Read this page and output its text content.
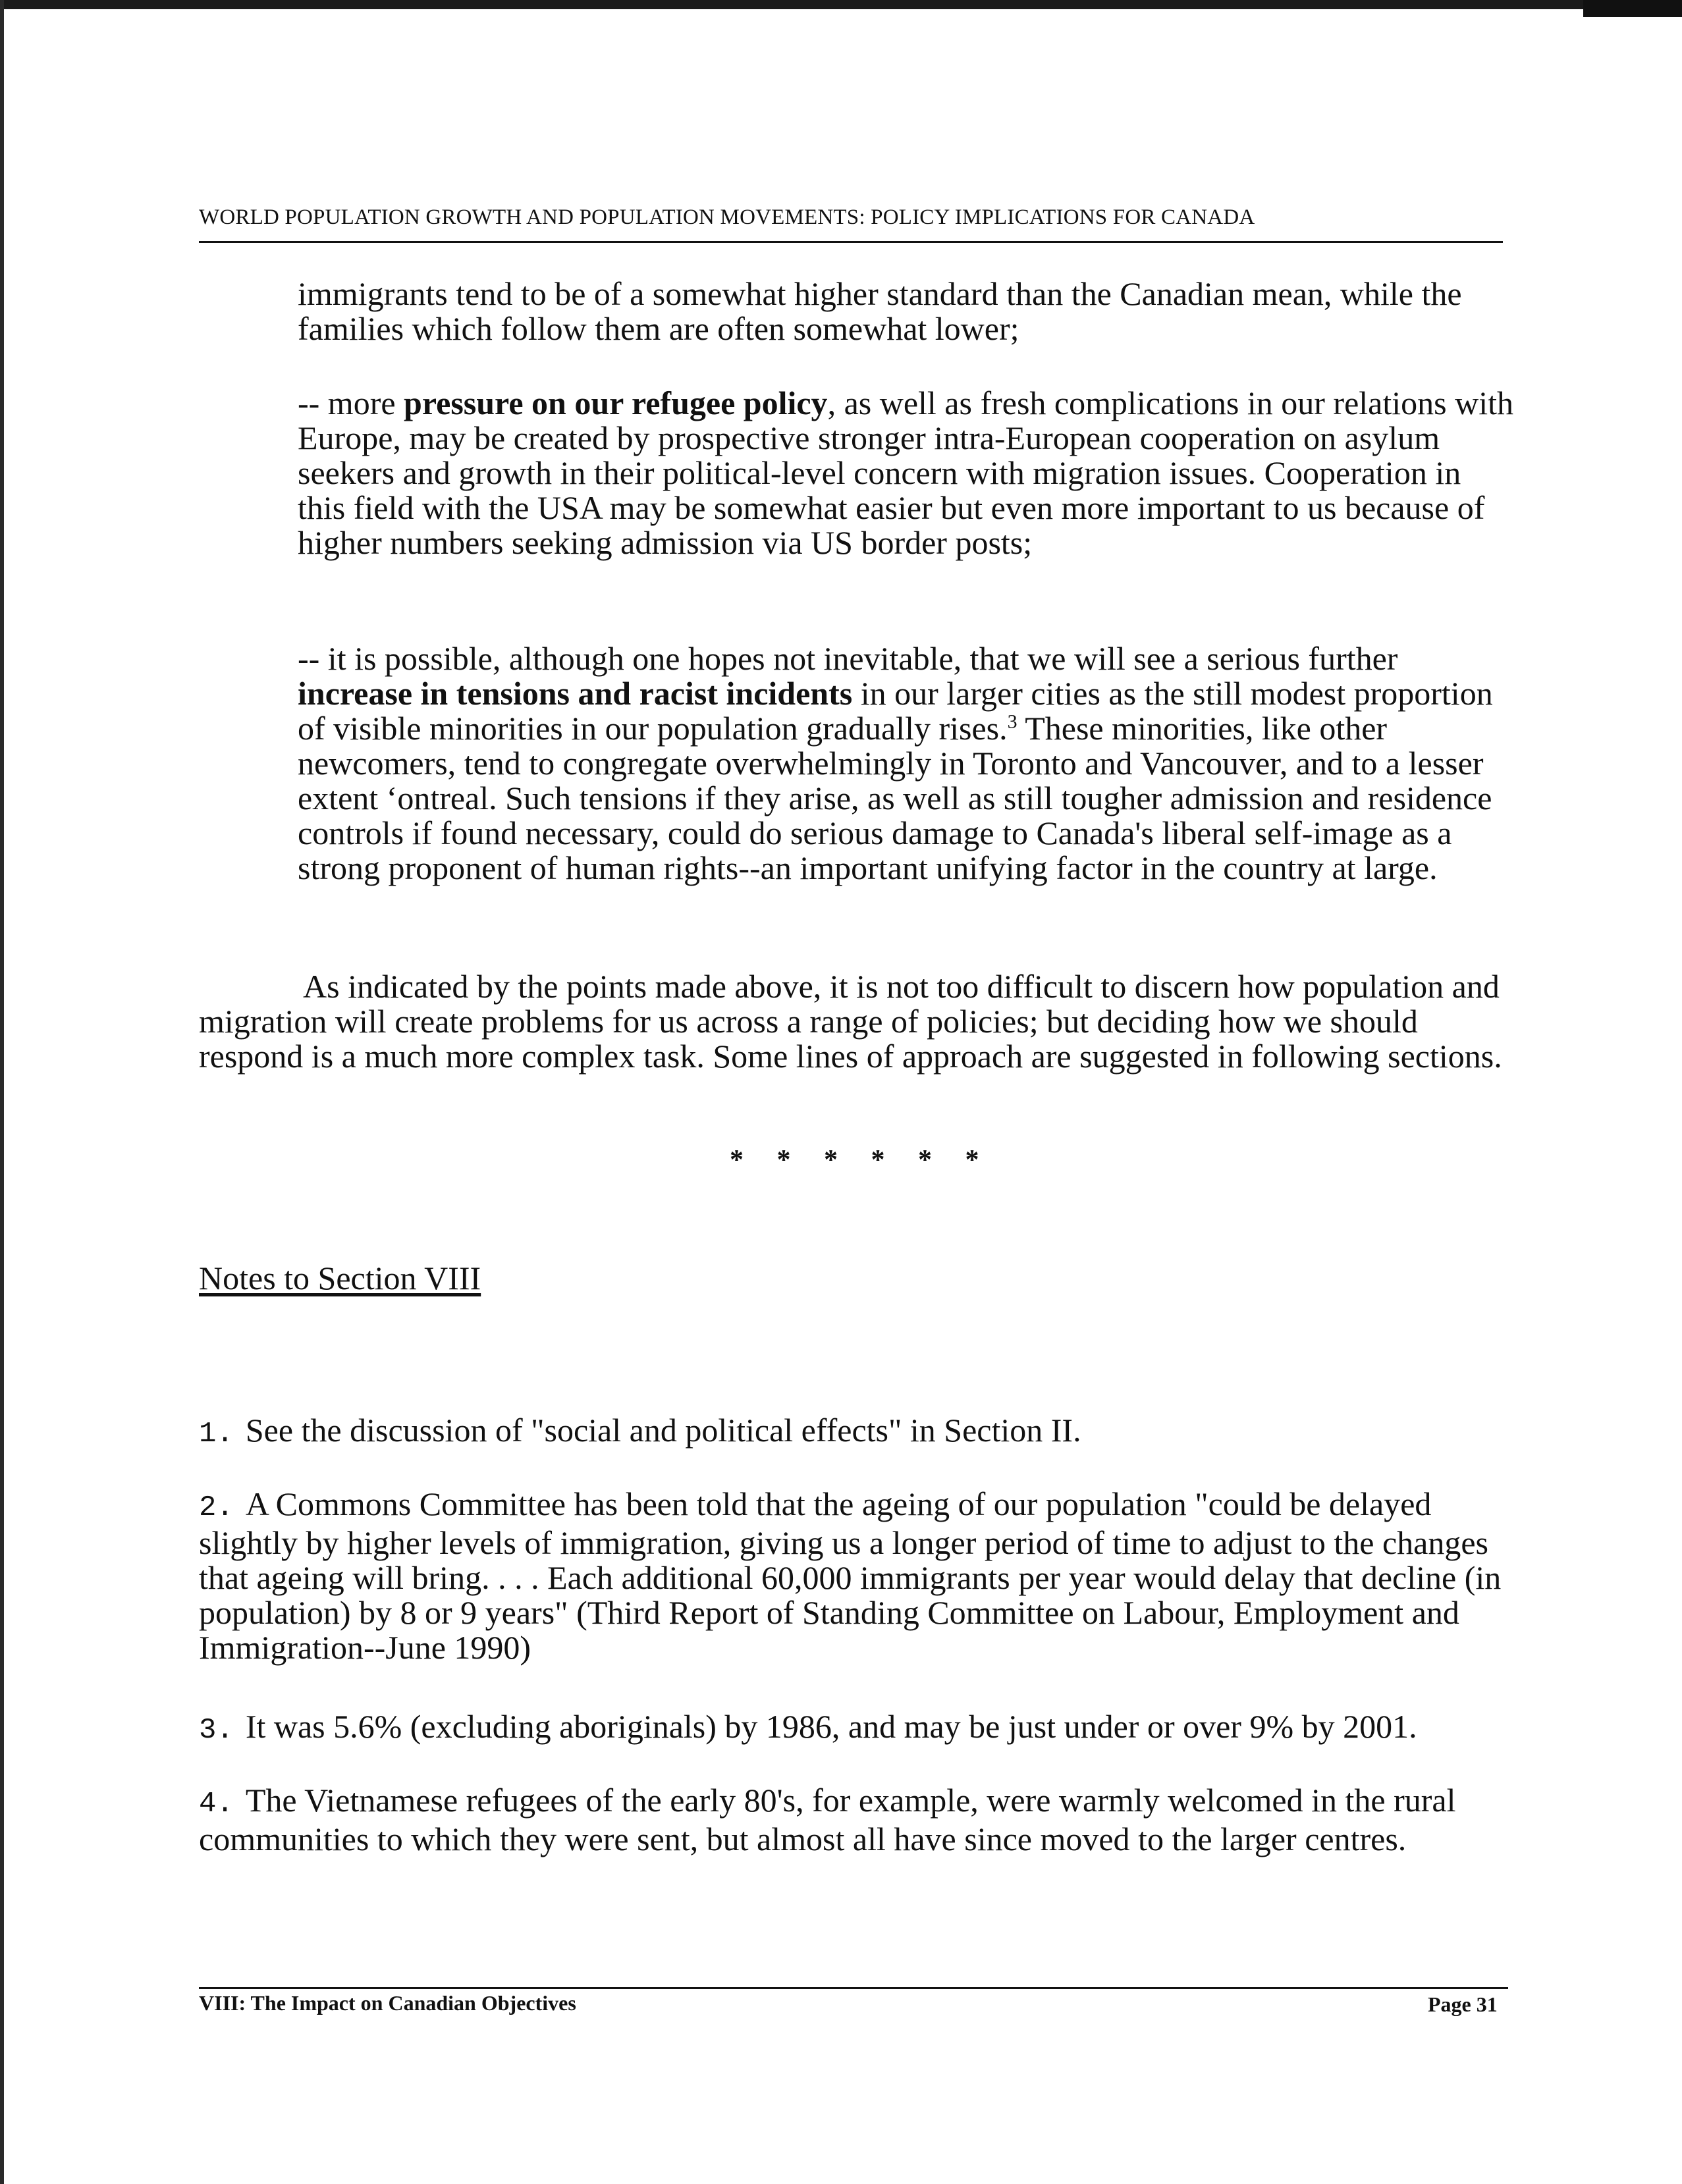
WORLD POPULATION GROWTH AND POPULATION MOVEMENTS: POLICY IMPLICATIONS FOR CANADA

immigrants tend to be of a somewhat higher standard than the Canadian mean, while the families which follow them are often somewhat lower;

-- more pressure on our refugee policy, as well as fresh complications in our relations with Europe, may be created by prospective stronger intra-European cooperation on asylum seekers and growth in their political-level concern with migration issues. Cooperation in this field with the USA may be somewhat easier but even more important to us because of higher numbers seeking admission via US border posts;

-- it is possible, although one hopes not inevitable, that we will see a serious further increase in tensions and racist incidents in our larger cities as the still modest proportion of visible minorities in our population gradually rises.$^3$ These minorities, like other newcomers, tend to congregate overwhelmingly in Toronto and Vancouver, and to a lesser extent ‘ontreal. Such tensions if they arise, as well as still tougher admission and residence controls if found necessary, could do serious damage to Canada's liberal self-image as a strong proponent of human rights--an important unifying factor in the country at large.

As indicated by the points made above, it is not too difficult to discern how population and migration will create problems for us across a range of policies; but deciding how we should respond is a much more complex task. Some lines of approach are suggested in following sections.

* * * * * *
Notes to Section VIII

1. See the discussion of "social and political effects" in Section II.

2. A Commons Committee has been told that the ageing of our population "could be delayed slightly by higher levels of immigration, giving us a longer period of time to adjust to the changes that ageing will bring. . . . Each additional 60,000 immigrants per year would delay that decline (in population) by 8 or 9 years" (Third Report of Standing Committee on Labour, Employment and Immigration--June 1990)

3. It was 5.6% (excluding aboriginals) by 1986, and may be just under or over 9% by 2001.

4. The Vietnamese refugees of the early 80's, for example, were warmly welcomed in the rural communities to which they were sent, but almost all have since moved to the larger centres.

VIII: The Impact on Canadian Objectives	Page 31
